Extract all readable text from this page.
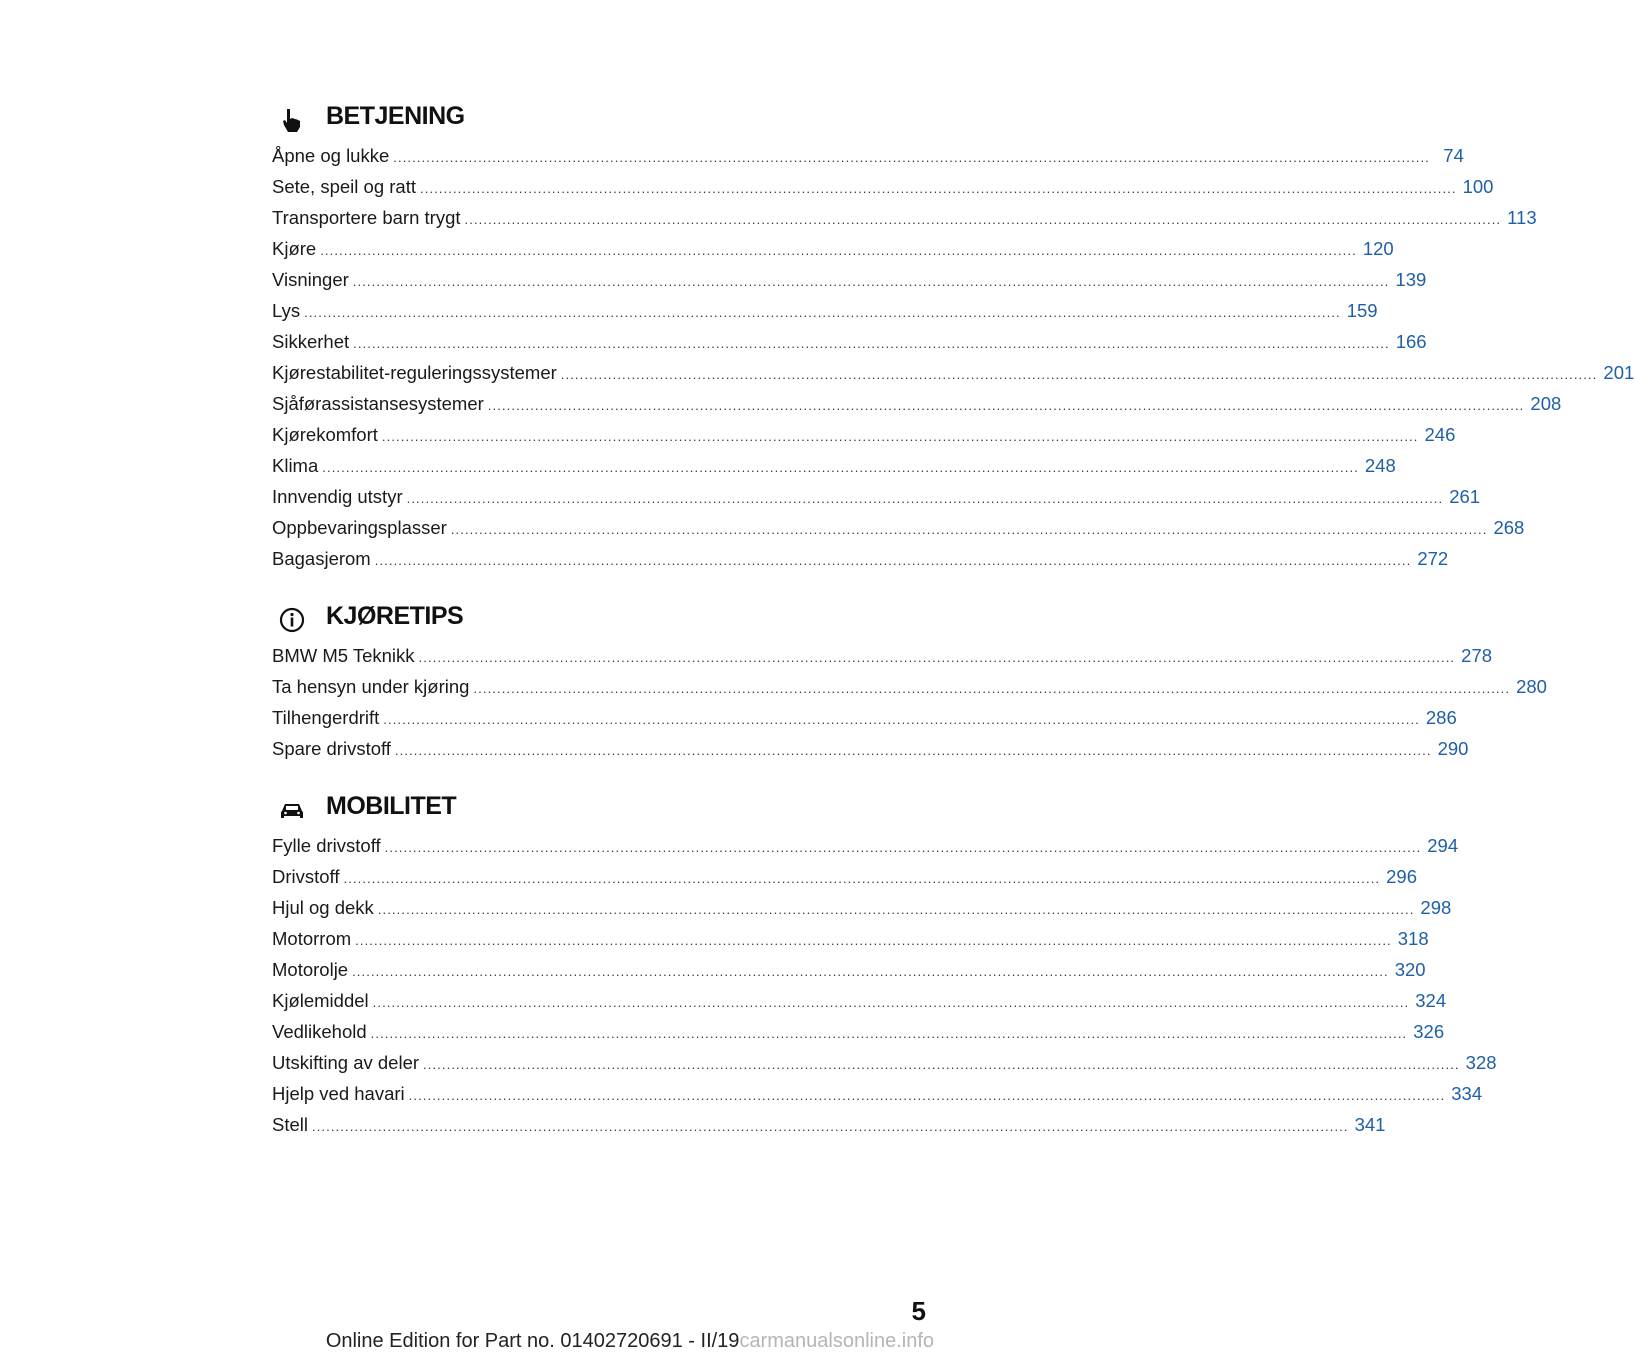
BETJENING
Åpne og lukke ............................................................................................................................................................................................................................ 74
Sete, speil og ratt ............................................................................................................................................................................................................................ 100
Transportere barn trygt ............................................................................................................................................................................................................................ 113
Kjøre ............................................................................................................................................................................................................................ 120
Visninger ............................................................................................................................................................................................................................ 139
Lys ............................................................................................................................................................................................................................ 159
Sikkerhet ............................................................................................................................................................................................................................ 166
Kjørestabilitet-reguleringssystemer ............................................................................................................................................................................................................................ 201
Sjåførassistansesystemer ............................................................................................................................................................................................................................ 208
Kjørekomfort ............................................................................................................................................................................................................................ 246
Klima ............................................................................................................................................................................................................................ 248
Innvendig utstyr ............................................................................................................................................................................................................................ 261
Oppbevaringsplasser ............................................................................................................................................................................................................................ 268
Bagasjerom ............................................................................................................................................................................................................................ 272
KJØRETIPS
BMW M5 Teknikk ............................................................................................................................................................................................................................ 278
Ta hensyn under kjøring ............................................................................................................................................................................................................................ 280
Tilhengerdrift ............................................................................................................................................................................................................................ 286
Spare drivstoff ............................................................................................................................................................................................................................ 290
MOBILITET
Fylle drivstoff ............................................................................................................................................................................................................................ 294
Drivstoff ............................................................................................................................................................................................................................ 296
Hjul og dekk ............................................................................................................................................................................................................................ 298
Motorrom ............................................................................................................................................................................................................................ 318
Motorolje ............................................................................................................................................................................................................................ 320
Kjølemiddel ............................................................................................................................................................................................................................ 324
Vedlikehold ............................................................................................................................................................................................................................ 326
Utskifting av deler ............................................................................................................................................................................................................................ 328
Hjelp ved havari ............................................................................................................................................................................................................................ 334
Stell ............................................................................................................................................................................................................................ 341
5
Online Edition for Part no. 01402720691 - II/19carmanualsonline.info
